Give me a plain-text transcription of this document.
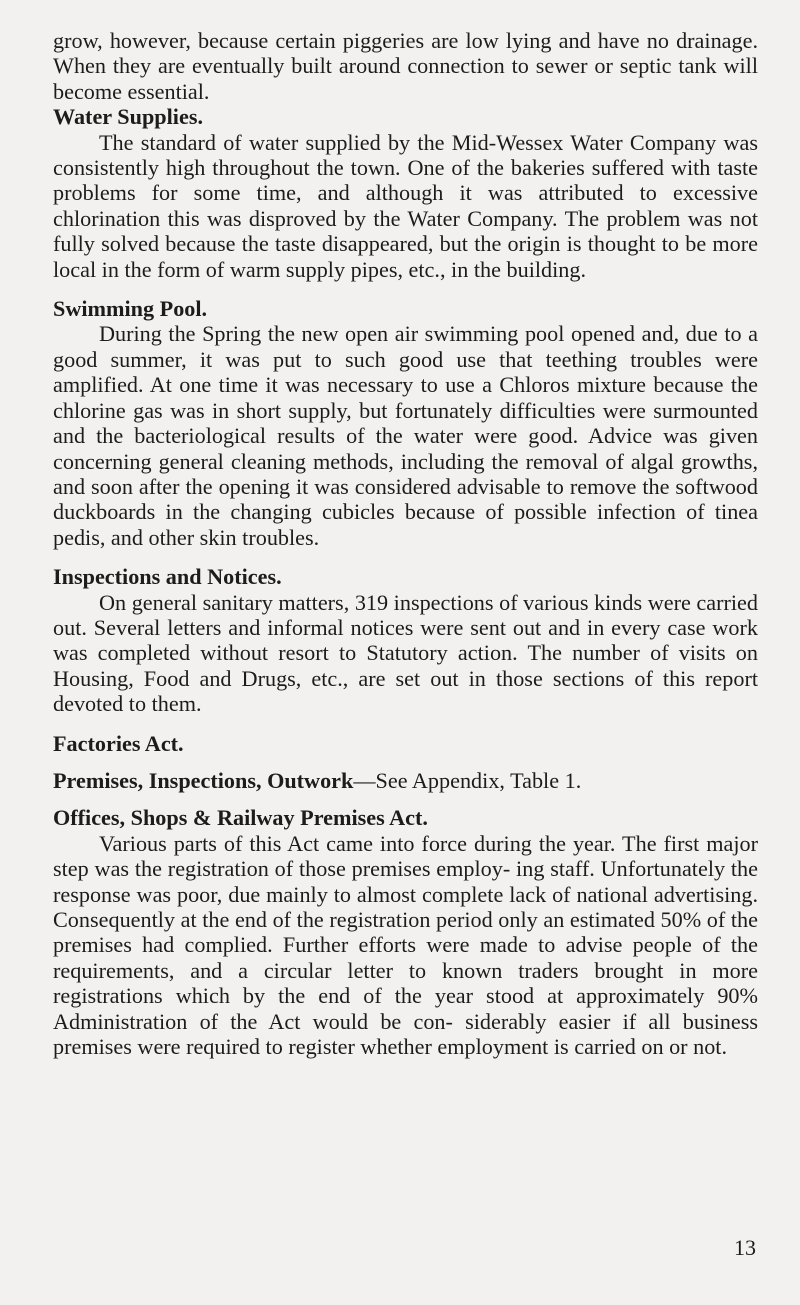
grow, however, because certain piggeries are low lying and have no drainage. When they are eventually built around connection to sewer or septic tank will become essential.

Water Supplies.

The standard of water supplied by the Mid-Wessex Water Company was consistently high throughout the town. One of the bakeries suffered with taste problems for some time, and although it was attributed to excessive chlorination this was disproved by the Water Company. The problem was not fully solved because the taste disappeared, but the origin is thought to be more local in the form of warm supply pipes, etc., in the building.

Swimming Pool.

During the Spring the new open air swimming pool opened and, due to a good summer, it was put to such good use that teething troubles were amplified. At one time it was necessary to use a Chloros mixture because the chlorine gas was in short supply, but fortunately difficulties were surmounted and the bacteriological results of the water were good. Advice was given concerning general cleaning methods, including the removal of algal growths, and soon after the opening it was considered advisable to remove the softwood duckboards in the changing cubicles because of possible infection of tinea pedis, and other skin troubles.

Inspections and Notices.

On general sanitary matters, 319 inspections of various kinds were carried out. Several letters and informal notices were sent out and in every case work was completed without resort to Statutory action. The number of visits on Housing, Food and Drugs, etc., are set out in those sections of this report devoted to them.

Factories Act.

Premises, Inspections, Outwork—See Appendix, Table 1.

Offices, Shops & Railway Premises Act.

Various parts of this Act came into force during the year. The first major step was the registration of those premises employ- ing staff. Unfortunately the response was poor, due mainly to almost complete lack of national advertising. Consequently at the end of the registration period only an estimated 50% of the premises had complied. Further efforts were made to advise people of the requirements, and a circular letter to known traders brought in more registrations which by the end of the year stood at approximately 90% Administration of the Act would be con- siderably easier if all business premises were required to register whether employment is carried on or not.

13
